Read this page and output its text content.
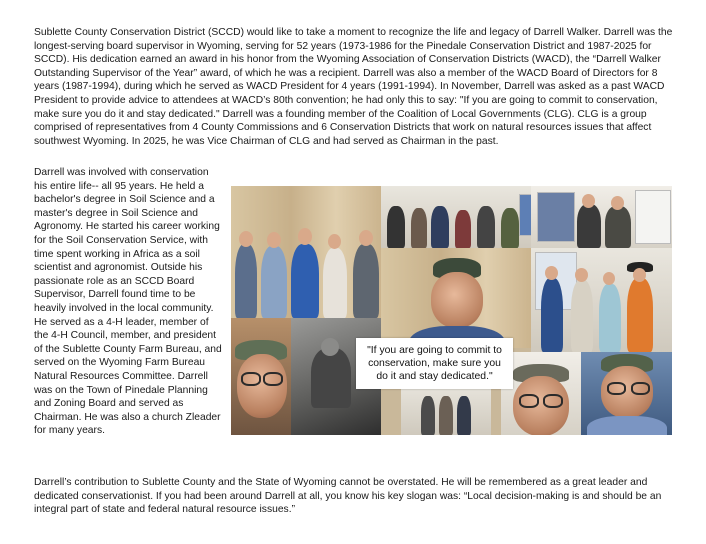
Sublette County Conservation District (SCCD) would like to take a moment to recognize the life and legacy of Darrell Walker. Darrell was the longest-serving board supervisor in Wyoming, serving for 52 years (1973-1986 for the Pinedale Conservation District and 1987-2025 for SCCD). His dedication earned an award in his honor from the Wyoming Association of Conservation Districts (WACD), the “Darrell Walker Outstanding Supervisor of the Year” award, of which he was a recipient. Darrell was also a member of the WACD Board of Directors for 8 years (1987-1994), during which he served as WACD President for 4 years (1991-1994). In November, Darrell was asked as a past WACD President to provide advice to attendees at WACD’s 80th convention; he had only this to say: "If you are going to commit to conservation, make sure you do it and stay dedicated." Darrell was a founding member of the Coalition of Local Governments (CLG). CLG is a group comprised of representatives from 4 County Commissions and 6 Conservation Districts that work on natural resources issues that affect southwest Wyoming. In 2025, he was Vice Chairman of CLG and had served as Chairman in the past.

Darrell was involved with conservation his entire life-- all 95 years. He held a bachelor's degree in Soil Science and a master's degree in Soil Science and Agronomy. He started his career working for the Soil Conservation Service, with time spent working in Africa as a soil scientist and agronomist. Outside his passionate role as an SCCD Board Supervisor, Darrell found time to be heavily involved in the local community. He served as a 4-H leader, member of the 4-H Council, member, and president of the Sublette County Farm Bureau, and served on the Wyoming Farm Bureau Natural Resources Committee. Darrell was on the Town of Pinedale Planning and Zoning Board and served as Chairman. He was also a church Zleader for many years.

"If you are going to commit to conservation, make sure you do it and stay dedicated."

Darrell’s contribution to Sublette County and the State of Wyoming cannot be overstated. He will be remembered as a great leader and dedicated conservationist. If you had been around Darrell at all, you know his key slogan was: “Local decision-making is and should be an integral part of state and federal natural resource issues.”
